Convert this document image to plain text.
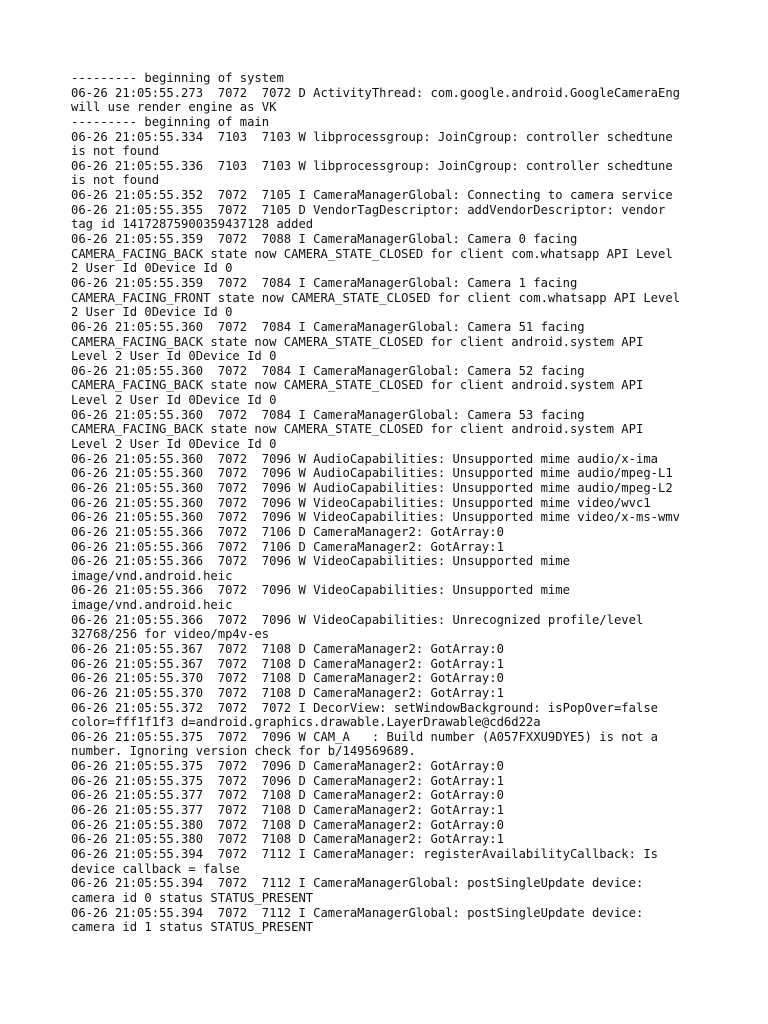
--------- beginning of system
06-26 21:05:55.273  7072  7072 D ActivityThread: com.google.android.GoogleCameraEng
will use render engine as VK
--------- beginning of main
06-26 21:05:55.334  7103  7103 W libprocessgroup: JoinCgroup: controller schedtune
is not found
06-26 21:05:55.336  7103  7103 W libprocessgroup: JoinCgroup: controller schedtune
is not found
06-26 21:05:55.352  7072  7105 I CameraManagerGlobal: Connecting to camera service
06-26 21:05:55.355  7072  7105 D VendorTagDescriptor: addVendorDescriptor: vendor
tag id 14172875900359437128 added
06-26 21:05:55.359  7072  7088 I CameraManagerGlobal: Camera 0 facing
CAMERA_FACING_BACK state now CAMERA_STATE_CLOSED for client com.whatsapp API Level
2 User Id 0Device Id 0
06-26 21:05:55.359  7072  7084 I CameraManagerGlobal: Camera 1 facing
CAMERA_FACING_FRONT state now CAMERA_STATE_CLOSED for client com.whatsapp API Level
2 User Id 0Device Id 0
06-26 21:05:55.360  7072  7084 I CameraManagerGlobal: Camera 51 facing
CAMERA_FACING_BACK state now CAMERA_STATE_CLOSED for client android.system API
Level 2 User Id 0Device Id 0
06-26 21:05:55.360  7072  7084 I CameraManagerGlobal: Camera 52 facing
CAMERA_FACING_BACK state now CAMERA_STATE_CLOSED for client android.system API
Level 2 User Id 0Device Id 0
06-26 21:05:55.360  7072  7084 I CameraManagerGlobal: Camera 53 facing
CAMERA_FACING_BACK state now CAMERA_STATE_CLOSED for client android.system API
Level 2 User Id 0Device Id 0
06-26 21:05:55.360  7072  7096 W AudioCapabilities: Unsupported mime audio/x-ima
06-26 21:05:55.360  7072  7096 W AudioCapabilities: Unsupported mime audio/mpeg-L1
06-26 21:05:55.360  7072  7096 W AudioCapabilities: Unsupported mime audio/mpeg-L2
06-26 21:05:55.360  7072  7096 W VideoCapabilities: Unsupported mime video/wvc1
06-26 21:05:55.360  7072  7096 W VideoCapabilities: Unsupported mime video/x-ms-wmv
06-26 21:05:55.366  7072  7106 D CameraManager2: GotArray:0
06-26 21:05:55.366  7072  7106 D CameraManager2: GotArray:1
06-26 21:05:55.366  7072  7096 W VideoCapabilities: Unsupported mime
image/vnd.android.heic
06-26 21:05:55.366  7072  7096 W VideoCapabilities: Unsupported mime
image/vnd.android.heic
06-26 21:05:55.366  7072  7096 W VideoCapabilities: Unrecognized profile/level
32768/256 for video/mp4v-es
06-26 21:05:55.367  7072  7108 D CameraManager2: GotArray:0
06-26 21:05:55.367  7072  7108 D CameraManager2: GotArray:1
06-26 21:05:55.370  7072  7108 D CameraManager2: GotArray:0
06-26 21:05:55.370  7072  7108 D CameraManager2: GotArray:1
06-26 21:05:55.372  7072  7072 I DecorView: setWindowBackground: isPopOver=false
color=fff1f1f3 d=android.graphics.drawable.LayerDrawable@cd6d22a
06-26 21:05:55.375  7072  7096 W CAM_A   : Build number (A057FXXU9DYE5) is not a
number. Ignoring version check for b/149569689.
06-26 21:05:55.375  7072  7096 D CameraManager2: GotArray:0
06-26 21:05:55.375  7072  7096 D CameraManager2: GotArray:1
06-26 21:05:55.377  7072  7108 D CameraManager2: GotArray:0
06-26 21:05:55.377  7072  7108 D CameraManager2: GotArray:1
06-26 21:05:55.380  7072  7108 D CameraManager2: GotArray:0
06-26 21:05:55.380  7072  7108 D CameraManager2: GotArray:1
06-26 21:05:55.394  7072  7112 I CameraManager: registerAvailabilityCallback: Is
device callback = false
06-26 21:05:55.394  7072  7112 I CameraManagerGlobal: postSingleUpdate device:
camera id 0 status STATUS_PRESENT
06-26 21:05:55.394  7072  7112 I CameraManagerGlobal: postSingleUpdate device:
camera id 1 status STATUS_PRESENT
